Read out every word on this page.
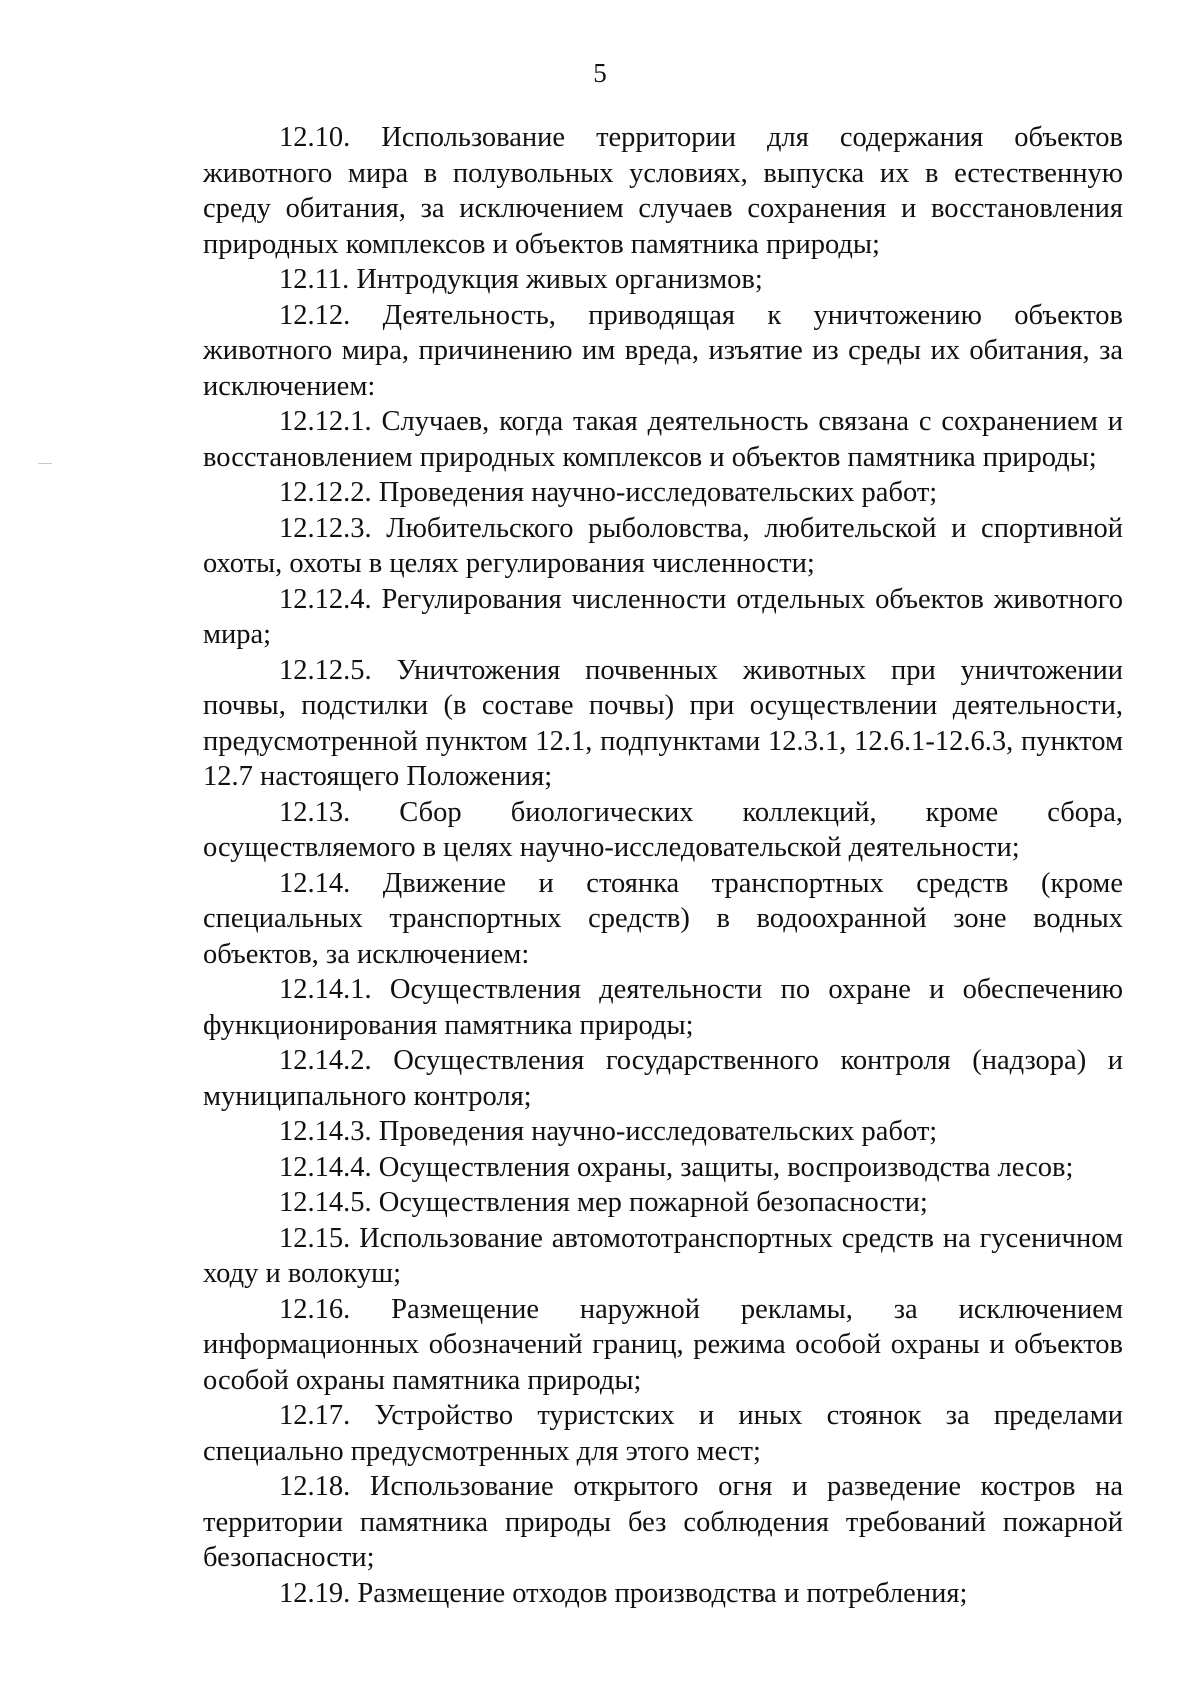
5

12.10. Использование территории для содержания объектов животного мира в полувольных условиях, выпуска их в естественную среду обитания, за исключением случаев сохранения и восстановления природных комплексов и объектов памятника природы;

12.11. Интродукция живых организмов;

12.12. Деятельность, приводящая к уничтожению объектов животного мира, причинению им вреда, изъятие из среды их обитания, за исключением:

12.12.1. Случаев, когда такая деятельность связана с сохранением и восстановлением природных комплексов и объектов памятника природы;

12.12.2. Проведения научно-исследовательских работ;

12.12.3. Любительского рыболовства, любительской и спортивной охоты, охоты в целях регулирования численности;

12.12.4. Регулирования численности отдельных объектов животного мира;

12.12.5. Уничтожения почвенных животных при уничтожении почвы, подстилки (в составе почвы) при осуществлении деятельности, предусмотренной пунктом 12.1, подпунктами 12.3.1, 12.6.1-12.6.3, пунктом 12.7 настоящего Положения;

12.13. Сбор биологических коллекций, кроме сбора, осуществляемого в целях научно-исследовательской деятельности;

12.14. Движение и стоянка транспортных средств (кроме специальных транспортных средств) в водоохранной зоне водных объектов, за исключением:

12.14.1. Осуществления деятельности по охране и обеспечению функционирования памятника природы;

12.14.2. Осуществления государственного контроля (надзора) и муниципального контроля;

12.14.3. Проведения научно-исследовательских работ;

12.14.4. Осуществления охраны, защиты, воспроизводства лесов;

12.14.5. Осуществления мер пожарной безопасности;

12.15. Использование автомототранспортных средств на гусеничном ходу и волокуш;

12.16. Размещение наружной рекламы, за исключением информационных обозначений границ, режима особой охраны и объектов особой охраны памятника природы;

12.17. Устройство туристских и иных стоянок за пределами специально предусмотренных для этого мест;

12.18. Использование открытого огня и разведение костров на территории памятника природы без соблюдения требований пожарной безопасности;

12.19. Размещение отходов производства и потребления;
